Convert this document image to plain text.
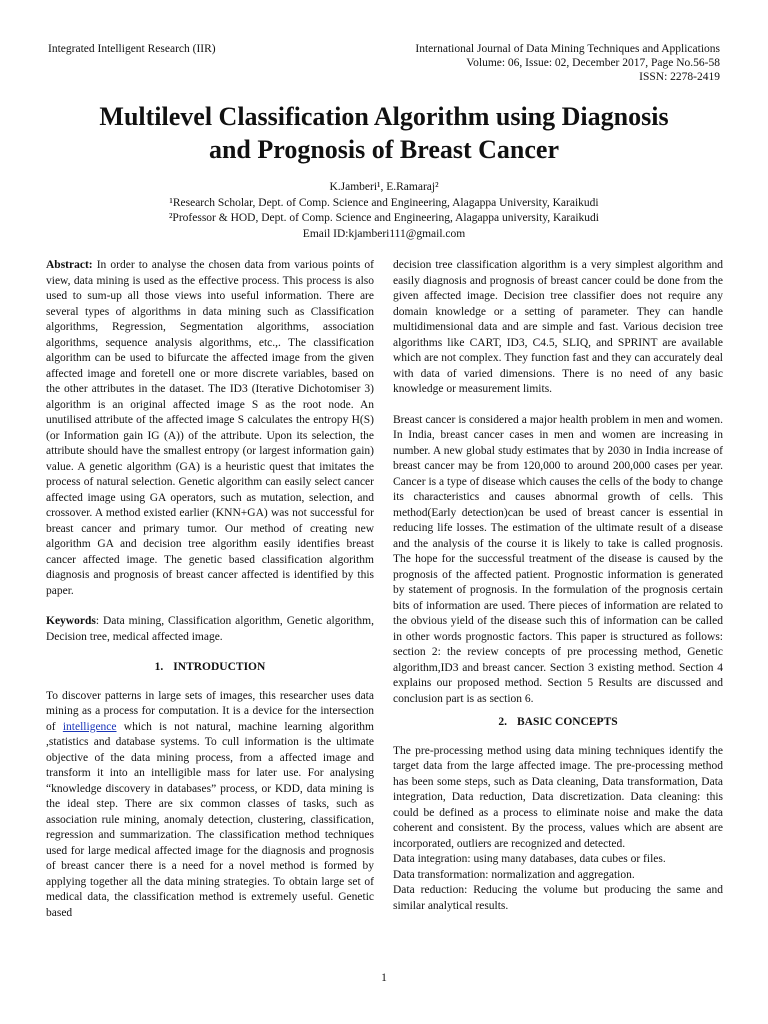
Integrated Intelligent Research (IIR)	International Journal of Data Mining Techniques and Applications
Volume: 06, Issue: 02, December 2017, Page No.56-58
ISSN: 2278-2419
Multilevel Classification Algorithm using Diagnosis
and Prognosis of Breast Cancer
K.Jamberi¹, E.Ramaraj²
¹Research Scholar, Dept. of Comp. Science and Engineering, Alagappa University, Karaikudi
²Professor & HOD, Dept. of Comp. Science and Engineering, Alagappa university, Karaikudi
Email ID:kjamberi111@gmail.com

Abstract: In order to analyse the chosen data from various points of view, data mining is used as the effective process. This process is also used to sum-up all those views into useful information. There are several types of algorithms in data mining such as Classification algorithms, Regression, Segmentation algorithms, association algorithms, sequence analysis algorithms, etc.,. The classification algorithm can be used to bifurcate the affected image from the given affected image and foretell one or more discrete variables, based on the other attributes in the dataset. The ID3 (Iterative Dichotomiser 3) algorithm is an original affected image S as the root node. An unutilised attribute of the affected image S calculates the entropy H(S) (or Information gain IG (A)) of the attribute. Upon its selection, the attribute should have the smallest entropy (or largest information gain) value. A genetic algorithm (GA) is a heuristic quest that imitates the process of natural selection. Genetic algorithm can easily select cancer affected image using GA operators, such as mutation, selection, and crossover. A method existed earlier (KNN+GA) was not successful for breast cancer and primary tumor. Our method of creating new algorithm GA and decision tree algorithm easily identifies breast cancer affected image. The genetic based classification algorithm diagnosis and prognosis of breast cancer affected is identified by this paper.

Keywords: Data mining, Classification algorithm, Genetic algorithm, Decision tree, medical affected image.

1. INTRODUCTION

To discover patterns in large sets of images, this researcher uses data mining as a process for computation. It is a device for the intersection of intelligence which is not natural, machine learning algorithm ,statistics and database systems. To cull information is the ultimate objective of the data mining process, from a affected image and transform it into an intelligible mass for later use. For analysing “knowledge discovery in databases” process, or KDD, data mining is the ideal step. There are six common classes of tasks, such as association rule mining, anomaly detection, clustering, classification, regression and summarization. The classification method techniques used for large medical affected image for the diagnosis and prognosis of breast cancer there is a need for a novel method is formed by applying together all the data mining strategies. To obtain large set of medical data, the classification method is extremely useful. Genetic based

decision tree classification algorithm is a very simplest algorithm and easily diagnosis and prognosis of breast cancer could be done from the given affected image. Decision tree classifier does not require any domain knowledge or a setting of parameter. They can handle multidimensional data and are simple and fast. Various decision tree algorithms like CART, ID3, C4.5, SLIQ, and SPRINT are available which are not complex. They function fast and they can accurately deal with data of varied dimensions. There is no need of any basic knowledge or measurement limits.

Breast cancer is considered a major health problem in men and women. In India, breast cancer cases in men and women are increasing in number. A new global study estimates that by 2030 in India increase of breast cancer may be from 120,000 to around 200,000 cases per year. Cancer is a type of disease which causes the cells of the body to change its characteristics and causes abnormal growth of cells. This method(Early detection)can be used of breast cancer is essential in reducing life losses. The estimation of the ultimate result of a disease and the analysis of the course it is likely to take is called prognosis. The hope for the successful treatment of the disease is caused by the prognosis of the affected patient. Prognostic information is generated by statement of prognosis. In the formulation of the prognosis certain bits of information are used. There pieces of information are related to the obvious yield of the disease such this of information can be called in other words prognostic factors. This paper is structured as follows: section 2: the review concepts of pre processing method, Genetic algorithm,ID3 and breast cancer. Section 3 existing method. Section 4 explains our proposed method. Section 5 Results are discussed and conclusion part is as section 6.

2. BASIC CONCEPTS

The pre-processing method using data mining techniques identify the target data from the large affected image. The pre-processing method has been some steps, such as Data cleaning, Data transformation, Data integration, Data reduction, Data discretization. Data cleaning: this could be defined as a process to eliminate noise and make the data coherent and consistent. By the process, values which are absent are incorporated, outliers are recognized and detected.

Data integration: using many databases, data cubes or files.

Data transformation: normalization and aggregation.

Data reduction: Reducing the volume but producing the same and similar analytical results.

1
